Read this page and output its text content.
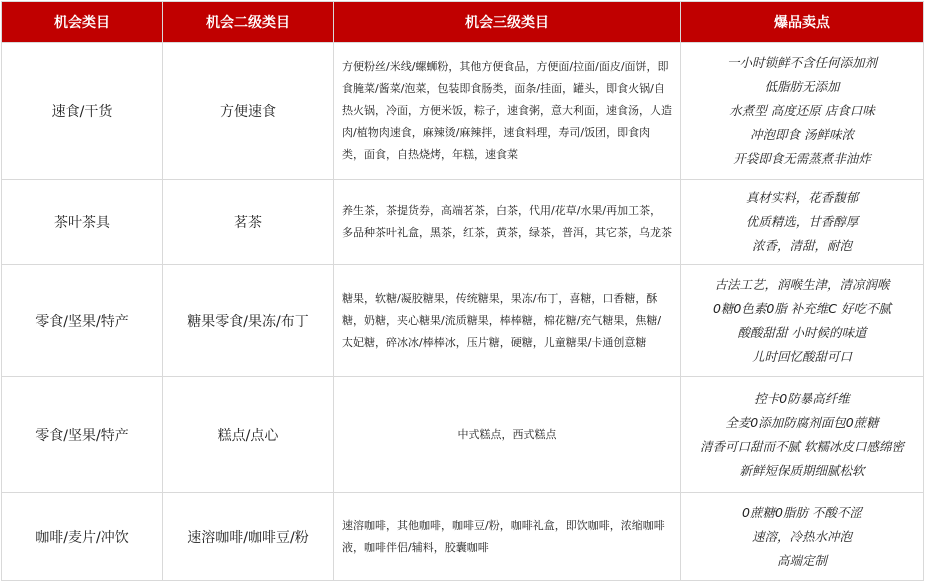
机会类目	机会二级类目	机会三级类目	爆品卖点
速食/干货	方便速食	方便粉丝/米线/螺蛳粉，其他方便食品，方便面/拉面/面皮/面饼，即食腌菜/酱菜/泡菜，包装即食肠类，面条/挂面，罐头，即食火锅/自热火锅，冷面，方便米饭，粽子，速食粥，意大利面，速食汤，人造肉/植物肉速食，麻辣烫/麻辣拌，速食料理，寿司/饭团，即食肉类，面食，自热烧烤，年糕，速食菜	一小时锁鲜不含任何添加剂
低脂肪无添加
水煮型 高度还原 店食口味
冲泡即食 汤鲜味浓
开袋即食无需蒸煮非油炸

茶叶茶具	茗茶	养生茶，茶提货券，高端茗茶，白茶，代用/花草/水果/再加工茶，多品种茶叶礼盒，黑茶，红茶，黄茶，绿茶，普洱，其它茶，乌龙茶	真材实料，花香馥郁
优质精选，甘香醇厚
浓香，清甜，耐泡

零食/坚果/特产	糖果零食/果冻/布丁	糖果，软糖/凝胶糖果，传统糖果，果冻/布丁，喜糖，口香糖，酥糖，奶糖，夹心糖果/流质糖果，棒棒糖，棉花糖/充气糖果，焦糖/太妃糖，碎冰冰/棒棒冰，压片糖，硬糖，儿童糖果/卡通创意糖	古法工艺，润喉生津，清凉润喉
0糖0色素0脂 补充维C 好吃不腻
酸酸甜甜 小时候的味道
儿时回忆酸甜可口

零食/坚果/特产	糕点/点心	中式糕点，西式糕点	控卡0防暴高纤维
全麦0添加防腐剂面包0蔗糖
清香可口甜而不腻 软糯冰皮口感绵密
新鲜短保质期细腻松软

咖啡/麦片/冲饮	速溶咖啡/咖啡豆/粉	速溶咖啡，其他咖啡，咖啡豆/粉，咖啡礼盒，即饮咖啡，浓缩咖啡液，咖啡伴侣/辅料，胶囊咖啡	0蔗糖0脂肪 不酸不涩
速溶，冷热水冲泡
高端定制
